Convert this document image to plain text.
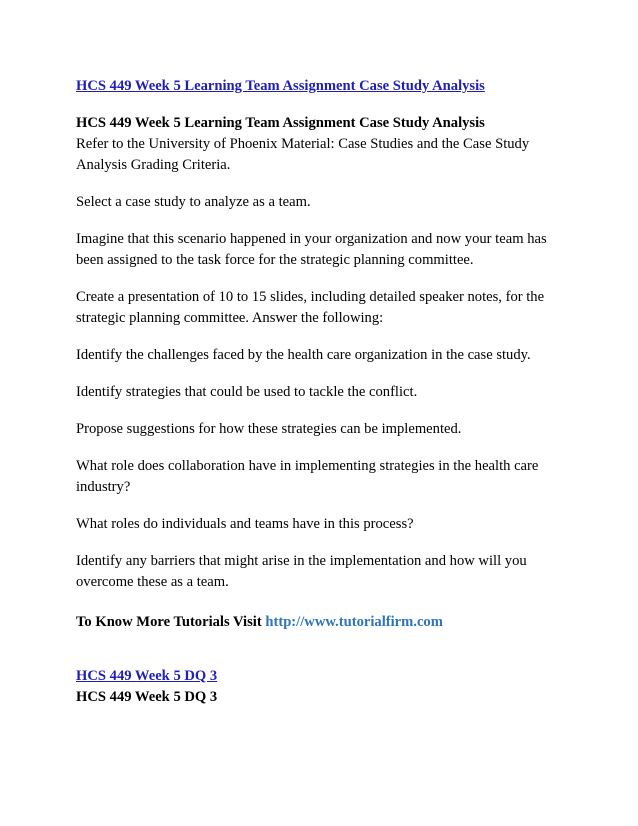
HCS 449 Week 5 Learning Team Assignment Case Study Analysis
HCS 449 Week 5 Learning Team Assignment Case Study Analysis
Refer to the University of Phoenix Material: Case Studies and the Case Study
Analysis Grading Criteria.
Select a case study to analyze as a team.
Imagine that this scenario happened in your organization and now your team has
been assigned to the task force for the strategic planning committee.
Create a presentation of 10 to 15 slides, including detailed speaker notes, for the
strategic planning committee. Answer the following:
Identify the challenges faced by the health care organization in the case study.
Identify strategies that could be used to tackle the conflict.
Propose suggestions for how these strategies can be implemented.
What role does collaboration have in implementing strategies in the health care
industry?
What roles do individuals and teams have in this process?
Identify any barriers that might arise in the implementation and how will you
overcome these as a team.
To Know More Tutorials Visit http://www.tutorialfirm.com
HCS 449 Week 5 DQ 3
HCS 449 Week 5 DQ 3
